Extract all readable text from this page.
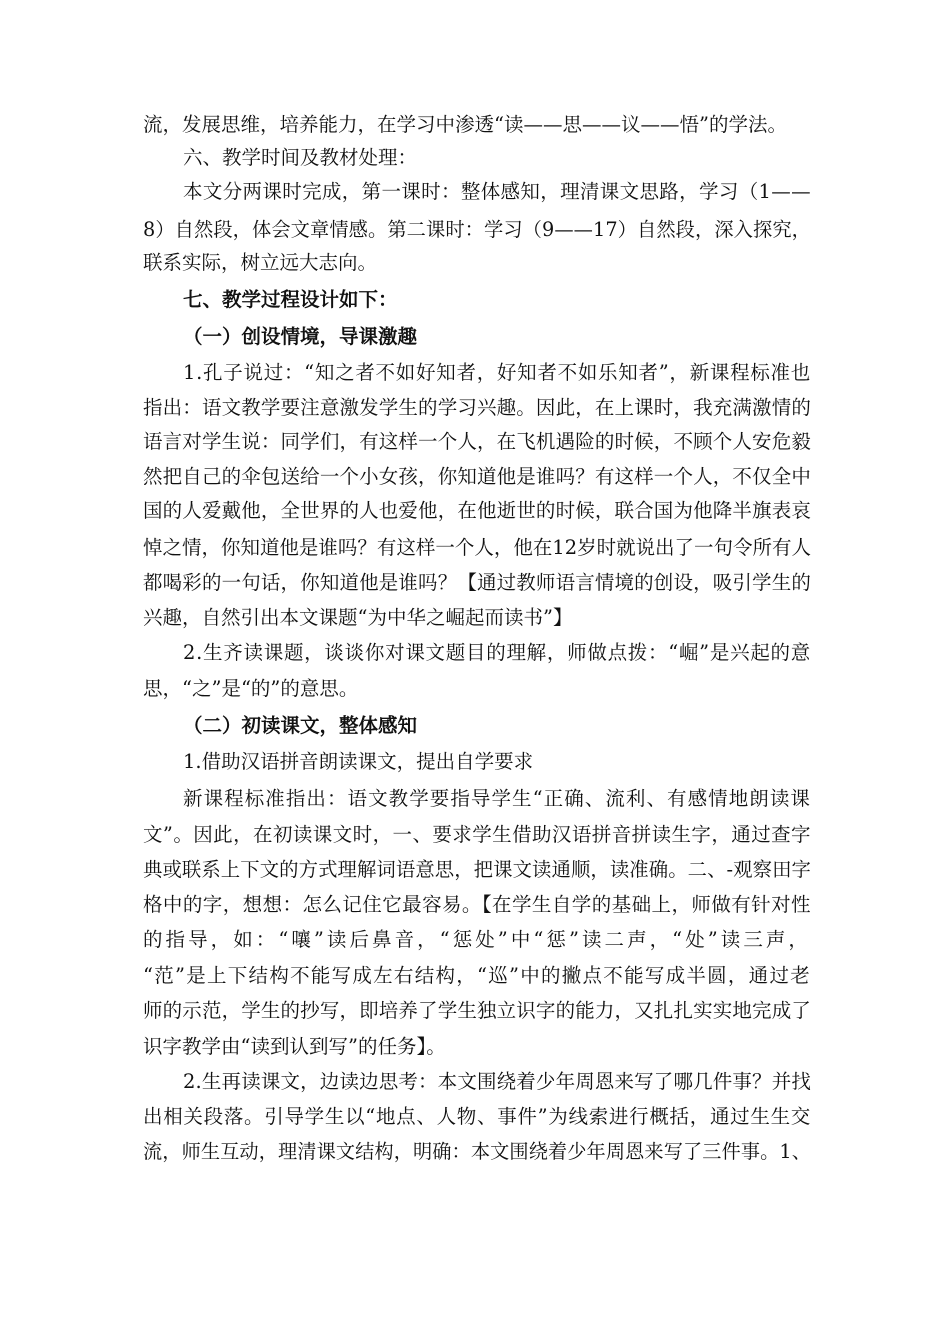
流，发展思维，培养能力，在学习中渗透“读——思——议——悟”的学法。
六、教学时间及教材处理：
本文分两课时完成，第一课时：整体感知，理清课文思路，学习（1——
8）自然段，体会文章情感。第二课时：学习（9——17）自然段，深入探究，
联系实际，树立远大志向。
七、教学过程设计如下：
（一）创设情境，导课激趣
1.孔子说过：“知之者不如好知者，好知者不如乐知者”，新课程标准也
指出：语文教学要注意激发学生的学习兴趣。因此，在上课时，我充满激情的
语言对学生说：同学们，有这样一个人，在飞机遇险的时候，不顾个人安危毅
然把自己的伞包送给一个小女孩，你知道他是谁吗？有这样一个人，不仅全中
国的人爱戴他，全世界的人也爱他，在他逝世的时候，联合国为他降半旗表哀
悼之情，你知道他是谁吗？有这样一个人，他在12岁时就说出了一句令所有人
都喝彩的一句话，你知道他是谁吗？【通过教师语言情境的创设，吸引学生的
兴趣，自然引出本文课题“为中华之崛起而读书”】
2.生齐读课题，谈谈你对课文题目的理解，师做点拨：“崛”是兴起的意
思，“之”是“的”的意思。
（二）初读课文，整体感知
1.借助汉语拼音朗读课文，提出自学要求
新课程标准指出：语文教学要指导学生“正确、流利、有感情地朗读课
文”。因此，在初读课文时，一、要求学生借助汉语拼音拼读生字，通过查字
典或联系上下文的方式理解词语意思，把课文读通顺，读准确。二、-观察田字
格中的字，想想：怎么记住它最容易。【在学生自学的基础上，师做有针对性
的指导，如：“嚷”读后鼻音，“惩处”中“惩”读二声，“处”读三声，
“范”是上下结构不能写成左右结构，“巡”中的撇点不能写成半圆，通过老
师的示范，学生的抄写，即培养了学生独立识字的能力，又扎扎实实地完成了
识字教学由“读到认到写”的任务】。
2.生再读课文，边读边思考：本文围绕着少年周恩来写了哪几件事？并找
出相关段落。引导学生以“地点、人物、事件”为线索进行概括，通过生生交
流，师生互动，理清课文结构，明确：本文围绕着少年周恩来写了三件事。1、
